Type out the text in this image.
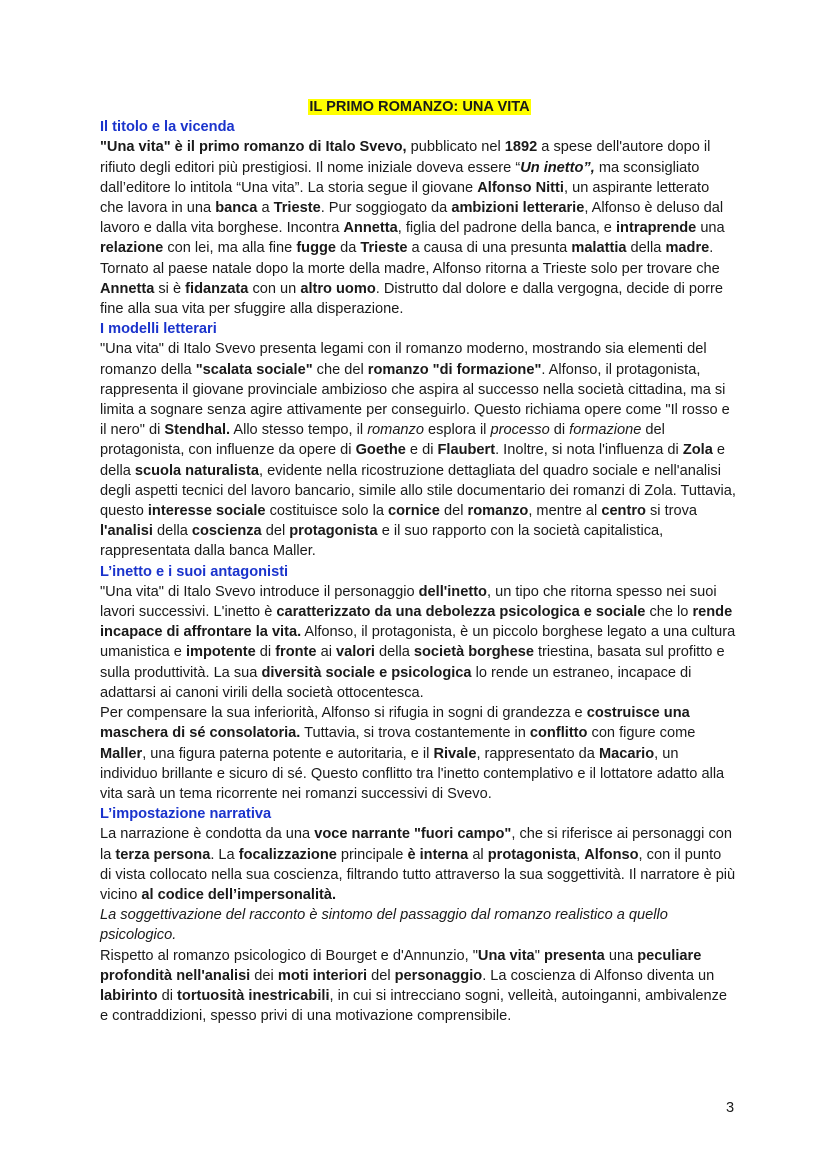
IL PRIMO ROMANZO: UNA VITA
Il titolo e la vicenda

"Una vita" è il primo romanzo di Italo Svevo, pubblicato nel 1892 a spese dell'autore dopo il rifiuto degli editori più prestigiosi. Il nome iniziale doveva essere “Un inetto”, ma sconsigliato dall’editore lo intitola “Una vita”. La storia segue il giovane Alfonso Nitti, un aspirante letterato che lavora in una banca a Trieste. Pur soggiogato da ambizioni letterarie, Alfonso è deluso dal lavoro e dalla vita borghese. Incontra Annetta, figlia del padrone della banca, e intraprende una relazione con lei, ma alla fine fugge da Trieste a causa di una presunta malattia della madre. Tornato al paese natale dopo la morte della madre, Alfonso ritorna a Trieste solo per trovare che Annetta si è fidanzata con un altro uomo. Distrutto dal dolore e dalla vergogna, decide di porre fine alla sua vita per sfuggire alla disperazione.

I modelli letterari

"Una vita" di Italo Svevo presenta legami con il romanzo moderno, mostrando sia elementi del romanzo della "scalata sociale" che del romanzo "di formazione". Alfonso, il protagonista, rappresenta il giovane provinciale ambizioso che aspira al successo nella società cittadina, ma si limita a sognare senza agire attivamente per conseguirlo. Questo richiama opere come "Il rosso e il nero" di Stendhal. Allo stesso tempo, il romanzo esplora il processo di formazione del protagonista, con influenze da opere di Goethe e di Flaubert. Inoltre, si nota l'influenza di Zola e della scuola naturalista, evidente nella ricostruzione dettagliata del quadro sociale e nell'analisi degli aspetti tecnici del lavoro bancario, simile allo stile documentario dei romanzi di Zola. Tuttavia, questo interesse sociale costituisce solo la cornice del romanzo, mentre al centro si trova l'analisi della coscienza del protagonista e il suo rapporto con la società capitalistica, rappresentata dalla banca Maller.

L’inetto e i suoi antagonisti

"Una vita" di Italo Svevo introduce il personaggio dell'inetto, un tipo che ritorna spesso nei suoi lavori successivi. L'inetto è caratterizzato da una debolezza psicologica e sociale che lo rende incapace di affrontare la vita. Alfonso, il protagonista, è un piccolo borghese legato a una cultura umanistica e impotente di fronte ai valori della società borghese triestina, basata sul profitto e sulla produttività. La sua diversità sociale e psicologica lo rende un estraneo, incapace di adattarsi ai canoni virili della società ottocentesca.

Per compensare la sua inferiorità, Alfonso si rifugia in sogni di grandezza e costruisce una maschera di sé consolatoria. Tuttavia, si trova costantemente in conflitto con figure come Maller, una figura paterna potente e autoritaria, e il Rivale, rappresentato da Macario, un individuo brillante e sicuro di sé. Questo conflitto tra l'inetto contemplativo e il lottatore adatto alla vita sarà un tema ricorrente nei romanzi successivi di Svevo.

L’impostazione narrativa

La narrazione è condotta da una voce narrante "fuori campo", che si riferisce ai personaggi con la terza persona. La focalizzazione principale è interna al protagonista, Alfonso, con il punto di vista collocato nella sua coscienza, filtrando tutto attraverso la sua soggettività. Il narratore è più vicino al codice dell’impersonalità.

La soggettivazione del racconto è sintomo del passaggio dal romanzo realistico a quello psicologico.

Rispetto al romanzo psicologico di Bourget e d'Annunzio, "Una vita" presenta una peculiare profondità nell'analisi dei moti interiori del personaggio. La coscienza di Alfonso diventa un labirinto di tortuosità inestricabili, in cui si intrecciano sogni, velleità, autoinganni, ambivalenze e contraddizioni, spesso privi di una motivazione comprensibile.

3
